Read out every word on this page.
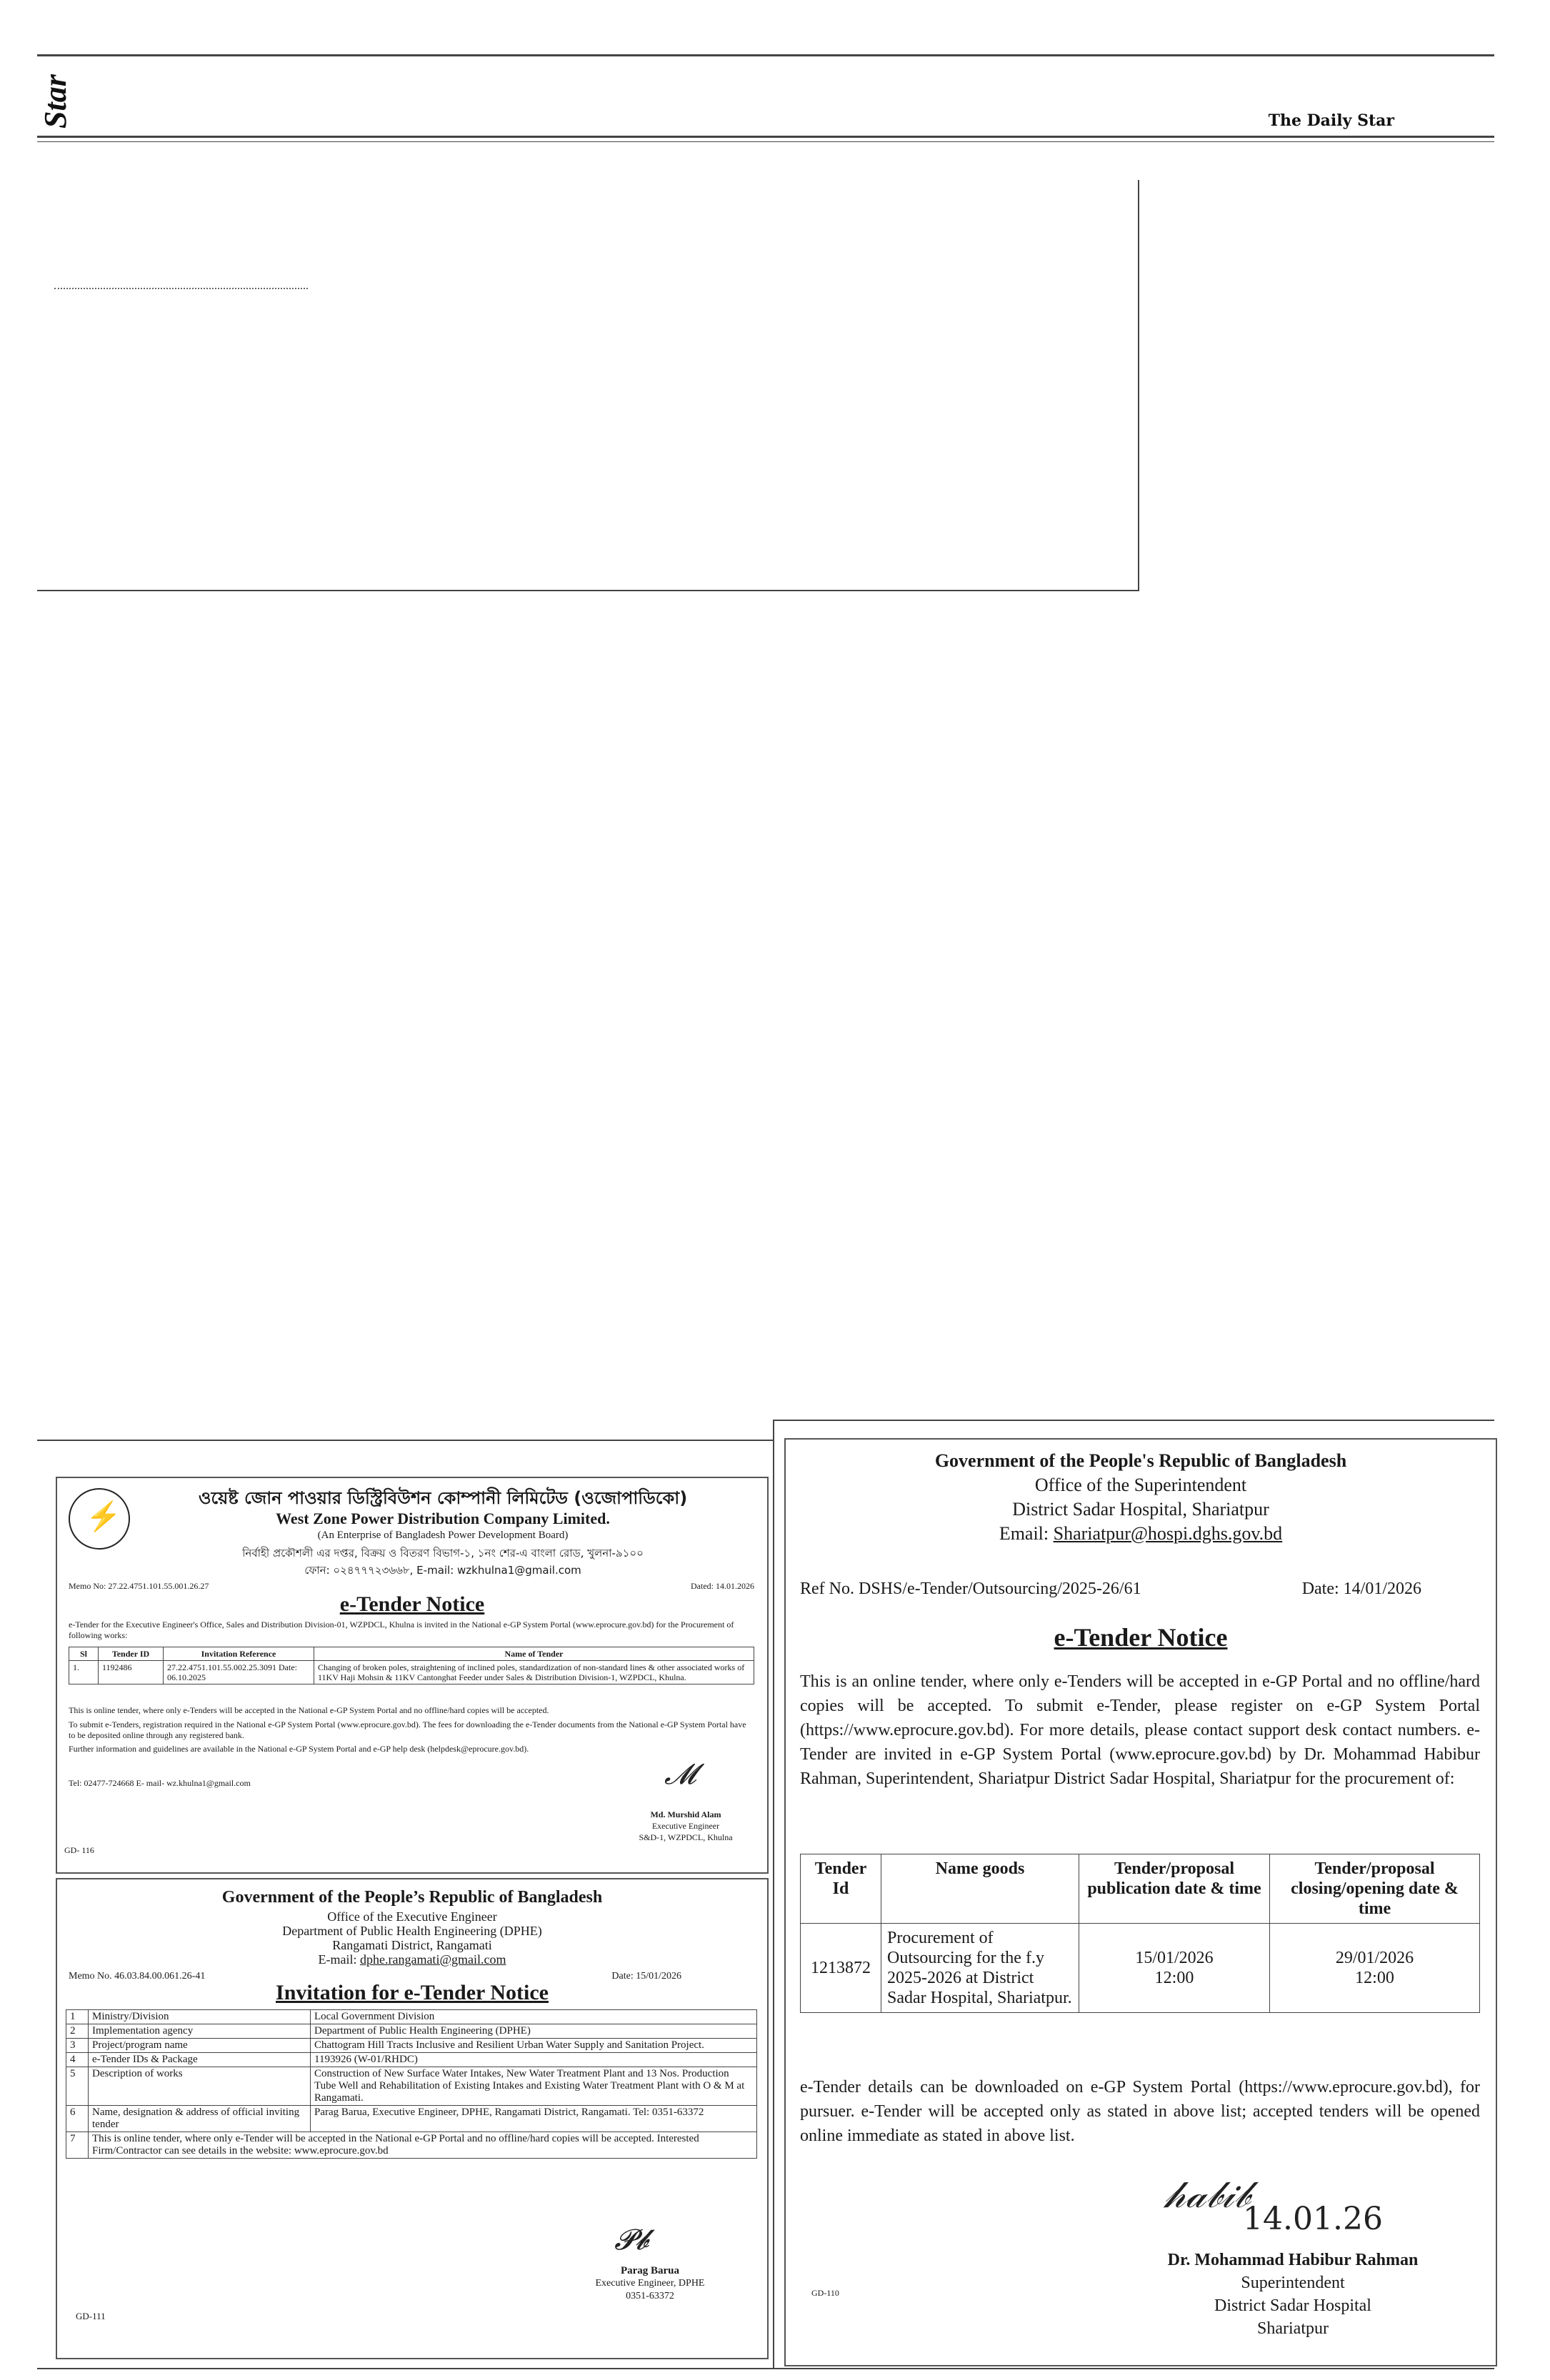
Star	The Daily Star
⚡
ওয়েষ্ট জোন পাওয়ার ডিস্ট্রিবিউশন কোম্পানী লিমিটেড (ওজোপাডিকো)
West Zone Power Distribution Company Limited.
(An Enterprise of Bangladesh Power Development Board)
নির্বাহী প্রকৌশলী এর দপ্তর, বিক্রয় ও বিতরণ বিভাগ-১, ১নং শের-এ বাংলা রোড, খুলনা-৯১০০
ফোন: ০২৪৭৭৭২৩৬৬৮, E-mail: wzkhulna1@gmail.com
Memo No: 27.22.4751.101.55.001.26.27	Dated: 14.01.2026
e-Tender Notice
e-Tender for the Executive Engineer's Office, Sales and Distribution Division-01, WZPDCL, Khulna is invited in the National e-GP System Portal (www.eprocure.gov.bd) for the Procurement of following works:
Sl	Tender ID	Invitation Reference	Name of Tender
1.	1192486	27.22.4751.101.55.002.25.3091 Date: 06.10.2025	Changing of broken poles, straightening of inclined poles, standardization of non-standard lines & other associated works of 11KV Haji Mohsin & 11KV Cantonghat Feeder under Sales & Distribution Division-1, WZPDCL, Khulna.
This is online tender, where only e-Tenders will be accepted in the National e-GP System Portal and no offline/hard copies will be accepted.
To submit e-Tenders, registration required in the National e-GP System Portal (www.eprocure.gov.bd). The fees for downloading the e-Tender documents from the National e-GP System Portal have to be deposited online through any registered bank.
Further information and guidelines are available in the National e-GP System Portal and e-GP help desk (helpdesk@eprocure.gov.bd).
Tel: 02477-724668 E- mail- wz.khulna1@gmail.com	𝓜
Md. Murshid Alam
Executive Engineer
S&D-1, WZPDCL, Khulna
GD- 116
Government of the People’s Republic of Bangladesh
Office of the Executive Engineer
Department of Public Health Engineering (DPHE)
Rangamati District, Rangamati
E-mail: dphe.rangamati@gmail.com
Memo No. 46.03.84.00.061.26-41	Date: 15/01/2026
Invitation for e-Tender Notice
1	Ministry/Division	Local Government Division
2	Implementation agency	Department of Public Health Engineering (DPHE)
3	Project/program name	Chattogram Hill Tracts Inclusive and Resilient Urban Water Supply and Sanitation Project.
4	e-Tender IDs & Package	1193926 (W-01/RHDC)
5	Description of works	Construction of New Surface Water Intakes, New Water Treatment Plant and 13 Nos. Production Tube Well and Rehabilitation of Existing Intakes and Existing Water Treatment Plant with O & M at Rangamati.
6	Name, designation & address of official inviting tender	Parag Barua, Executive Engineer, DPHE, Rangamati District, Rangamati. Tel: 0351-63372
7	This is online tender, where only e-Tender will be accepted in the National e-GP Portal and no offline/hard copies will be accepted. Interested Firm/Contractor can see details in the website: www.eprocure.gov.bd	
𝓟𝓫
Parag Barua
Executive Engineer, DPHE
0351-63372
GD-111
Government of the People's Republic of Bangladesh
Office of the Superintendent
District Sadar Hospital, Shariatpur
Email: Shariatpur@hospi.dghs.gov.bd
Ref No. DSHS/e-Tender/Outsourcing/2025-26/61	Date: 14/01/2026
e-Tender Notice
This is an online tender, where only e-Tenders will be accepted in e-GP Portal and no offline/hard copies will be accepted. To submit e-Tender, please register on e-GP System Portal (https://www.eprocure.gov.bd). For more details, please contact support desk contact numbers. e-Tender are invited in e-GP System Portal (www.eprocure.gov.bd) by Dr. Mohammad Habibur Rahman, Superintendent, Shariatpur District Sadar Hospital, Shariatpur for the procurement of:
Tender Id	Name goods	Tender/proposal publication date & time	Tender/proposal closing/opening date & time
1213872	Procurement of Outsourcing for the f.y 2025-2026 at District Sadar Hospital, Shariatpur.	15/01/2026 12:00	29/01/2026 12:00
e-Tender details can be downloaded on e-GP System Portal (https://www.eprocure.gov.bd), for pursuer. e-Tender will be accepted only as stated in above list; accepted tenders will be opened online immediate as stated in above list.
𝒽𝒶𝒷𝒾𝒷
14.01.26
Dr. Mohammad Habibur Rahman
Superintendent
District Sadar Hospital
Shariatpur
GD-110
